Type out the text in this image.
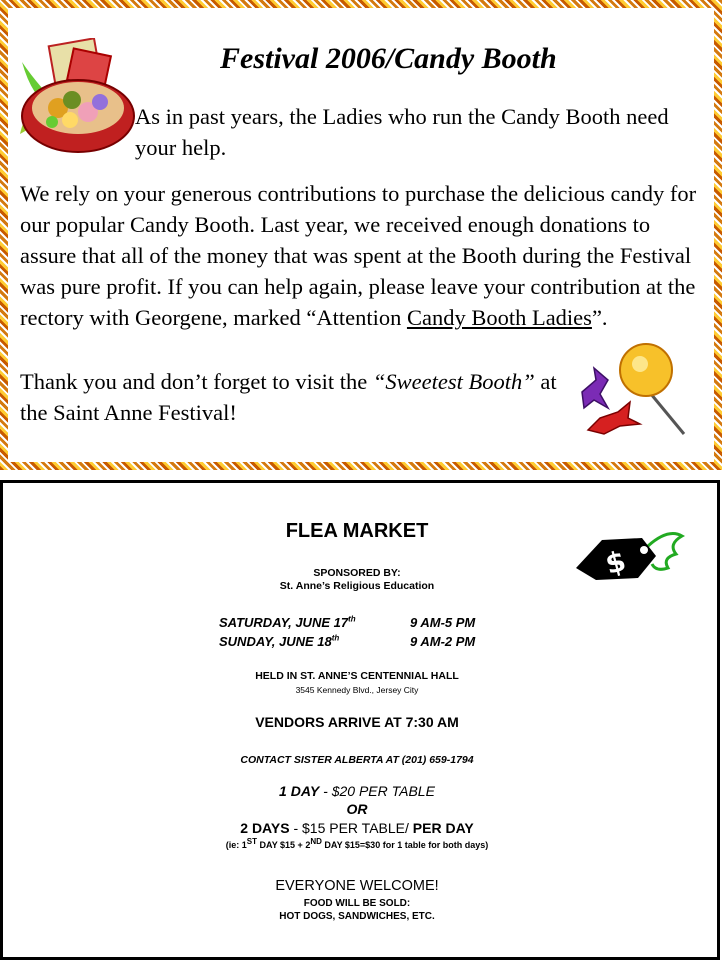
Festival 2006/Candy Booth

As in past years, the Ladies who run the Candy Booth need your help.

We rely on your generous contributions to purchase the delicious candy for our popular Candy Booth. Last year, we received enough donations to assure that all of the money that was spent at the Booth during the Festival was pure profit. If you can help again, please leave your contribution at the rectory with Georgene, marked “Attention Candy Booth Ladies”.

Thank you and don’t forget to visit the “Sweetest Booth” at the Saint Anne Festival!

$
FLEA MARKET

SPONSORED BY:

St. Anne’s Religious Education

SATURDAY, JUNE 17th	9 AM-5 PM
SUNDAY, JUNE 18th	9 AM-2 PM

HELD IN ST. ANNE’S CENTENNIAL HALL

3545 Kennedy Blvd., Jersey City

VENDORS ARRIVE AT 7:30 AM

CONTACT SISTER ALBERTA AT (201) 659-1794

1 DAY - $20 PER TABLE

OR

2 DAYS - $15 PER TABLE/ PER DAY

(ie: 1ST DAY $15 + 2ND DAY $15=$30 for 1 table for both days)

EVERYONE WELCOME!

FOOD WILL BE SOLD:

HOT DOGS, SANDWICHES, ETC.
